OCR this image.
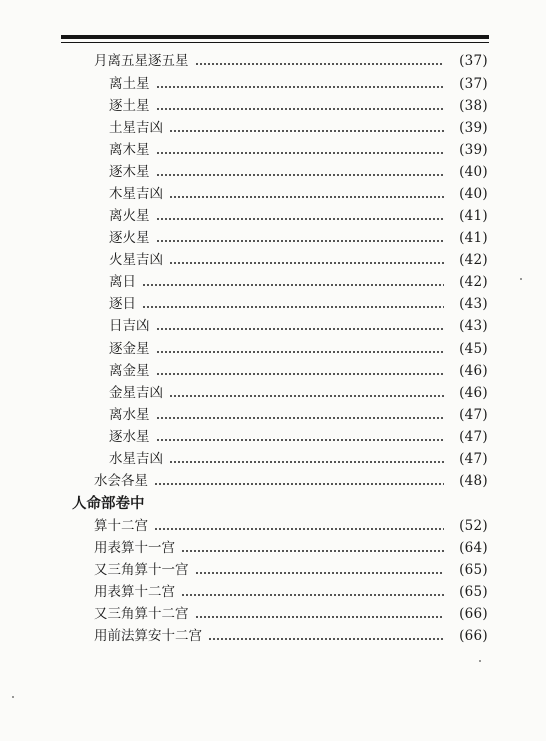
月离五星逐五星	(37)
离土星	(37)
逐土星	(38)
土星吉凶	(39)
离木星	(39)
逐木星	(40)
木星吉凶	(40)
离火星	(41)
逐火星	(41)
火星吉凶	(42)
离日	(42)
逐日	(43)
日吉凶	(43)
逐金星	(45)
离金星	(46)
金星吉凶	(46)
离水星	(47)
逐水星	(47)
水星吉凶	(47)
水会各星	(48)
人命部卷中
算十二宫	(52)
用表算十一宫	(64)
又三角算十一宫	(65)
用表算十二宫	(65)
又三角算十二宫	(66)
用前法算安十二宫	(66)
